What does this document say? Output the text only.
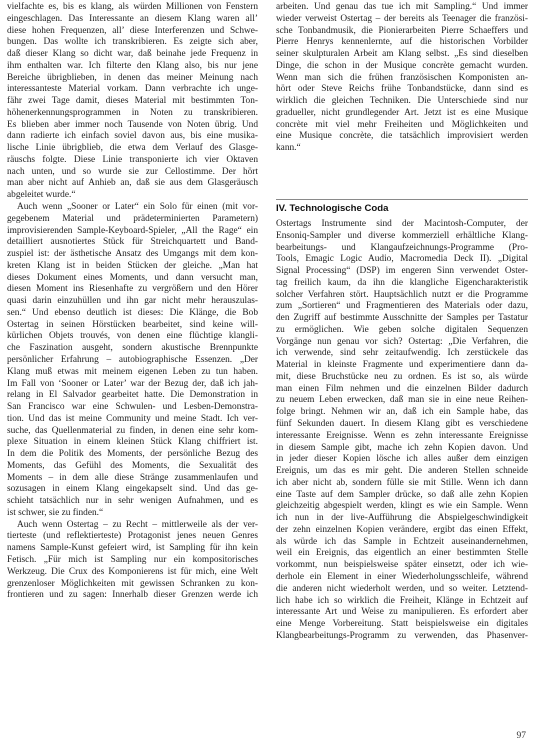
vielfachte es, bis es klang, als würden Millionen von Fenstern
eingeschlagen. Das Interessante an diesem Klang waren all’
diese hohen Frequenzen, all’ diese Interferenzen und Schwe-
bungen. Das wollte ich transkribieren. Es zeigte sich aber,
daß dieser Klang so dicht war, daß beinahe jede Frequenz in
ihm enthalten war. Ich filterte den Klang also, bis nur jene
Bereiche übrigblieben, in denen das meiner Meinung nach
interessanteste Material vorkam. Dann verbrachte ich unge-
fähr zwei Tage damit, dieses Material mit bestimmten Ton-
höhenerkennungsprogrammen in Noten zu transkribieren.
Es blieben aber immer noch Tausende von Noten übrig. Und
dann radierte ich einfach soviel davon aus, bis eine musika-
lische Linie übrigblieb, die etwa dem Verlauf des Glasge-
räuschs folgte. Diese Linie transponierte ich vier Oktaven
nach unten, und so wurde sie zur Cellostimme. Der hört
man aber nicht auf Anhieb an, daß sie aus dem Glasgeräusch
abgeleitet wurde.“
Auch wenn „Sooner or Later“ ein Solo für einen (mit vor-
gegebenem Material und prädeterminierten Parametern)
improvisierenden Sample-Keyboard-Spieler, „All the Rage“ ein
detailliert ausnotiertes Stück für Streichquartett und Band-
zuspiel ist: der ästhetische Ansatz des Umgangs mit dem kon-
kreten Klang ist in beiden Stücken der gleiche. „Man hat
dieses Dokument eines Moments, und dann versucht man,
diesen Moment ins Riesenhafte zu vergrößern und den Hörer
quasi darin einzuhüllen und ihn gar nicht mehr herauszulas-
sen.“ Und ebenso deutlich ist dieses: Die Klänge, die Bob
Ostertag in seinen Hörstücken bearbeitet, sind keine will-
kürlichen Objets trouvés, von denen eine flüchtige klangli-
che Faszination ausgeht, sondern akustische Brennpunkte
persönlicher Erfahrung – autobiographische Essenzen. „Der
Klang muß etwas mit meinem eigenen Leben zu tun haben.
Im Fall von ‘Sooner or Later’ war der Bezug der, daß ich jah-
relang in El Salvador gearbeitet hatte. Die Demonstration in
San Francisco war eine Schwulen- und Lesben-Demonstra-
tion. Und das ist meine Community und meine Stadt. Ich ver-
suche, das Quellenmaterial zu finden, in denen eine sehr kom-
plexe Situation in einem kleinen Stück Klang chiffriert ist.
In dem die Politik des Moments, der persönliche Bezug des
Moments, das Gefühl des Moments, die Sexualität des
Moments – in dem alle diese Stränge zusammenlaufen und
sozusagen in einem Klang eingekapselt sind. Und das ge-
schieht tatsächlich nur in sehr wenigen Aufnahmen, und es
ist schwer, sie zu finden.“
Auch wenn Ostertag – zu Recht – mittlerweile als der ver-
tierteste (und reflektierteste) Protagonist jenes neuen Genres
namens Sample-Kunst gefeiert wird, ist Sampling für ihn kein
Fetisch. „Für mich ist Sampling nur ein kompositorisches
Werkzeug. Die Crux des Komponierens ist für mich, eine Welt
grenzenloser Möglichkeiten mit gewissen Schranken zu kon-
frontieren und zu sagen: Innerhalb dieser Grenzen werde ich
arbeiten. Und genau das tue ich mit Sampling.“ Und immer
wieder verweist Ostertag – der bereits als Teenager die französi-
sche Tonbandmusik, die Pionierarbeiten Pierre Schaeffers und
Pierre Henrys kennenlernte, auf die historischen Vorbilder
seiner skulpturalen Arbeit am Klang selbst. „Es sind dieselben
Dinge, die schon in der Musique concrète gemacht wurden.
Wenn man sich die frühen französischen Komponisten an-
hört oder Steve Reichs frühe Tonbandstücke, dann sind es
wirklich die gleichen Techniken. Die Unterschiede sind nur
gradueller, nicht grundlegender Art. Jetzt ist es eine Musique
concrète mit viel mehr Freiheiten und Möglichkeiten und
eine Musique concrète, die tatsächlich improvisiert werden
kann.“
IV. Technologische Coda
Ostertags Instrumente sind der Macintosh-Computer, der
Ensoniq-Sampler und diverse kommerziell erhältliche Klang-
bearbeitungs- und Klangaufzeichnungs-Programme (Pro-
Tools, Emagic Logic Audio, Macromedia Deck II). „Digital
Signal Processing“ (DSP) im engeren Sinn verwendet Oster-
tag freilich kaum, da ihn die klangliche Eigencharakteristik
solcher Verfahren stört. Hauptsächlich nutzt er die Programme
zum „Sortieren“ und Fragmentieren des Materials oder dazu,
den Zugriff auf bestimmte Ausschnitte der Samples per Tastatur
zu ermöglichen. Wie geben solche digitalen Sequenzen
Vorgänge nun genau vor sich? Ostertag: „Die Verfahren, die
ich verwende, sind sehr zeitaufwendig. Ich zerstückele das
Material in kleinste Fragmente und experimentiere dann da-
mit, diese Bruchstücke neu zu ordnen. Es ist so, als würde
man einen Film nehmen und die einzelnen Bilder dadurch
zu neuem Leben erwecken, daß man sie in eine neue Reihen-
folge bringt. Nehmen wir an, daß ich ein Sample habe, das
fünf Sekunden dauert. In diesem Klang gibt es verschiedene
interessante Ereignisse. Wenn es zehn interessante Ereignisse
in diesem Sample gibt, mache ich zehn Kopien davon. Und
in jeder dieser Kopien lösche ich alles außer dem einzigen
Ereignis, um das es mir geht. Die anderen Stellen schneide
ich aber nicht ab, sondern fülle sie mit Stille. Wenn ich dann
eine Taste auf dem Sampler drücke, so daß alle zehn Kopien
gleichzeitig abgespielt werden, klingt es wie ein Sample. Wenn
ich nun in der live-Aufführung die Abspielgeschwindigkeit
der zehn einzelnen Kopien verändere, ergibt das einen Effekt,
als würde ich das Sample in Echtzeit auseinandernehmen,
weil ein Ereignis, das eigentlich an einer bestimmten Stelle
vorkommt, nun beispielsweise später einsetzt, oder ich wie-
derhole ein Element in einer Wiederholungsschleife, während
die anderen nicht wiederholt werden, und so weiter. Letztend-
lich habe ich so wirklich die Freiheit, Klänge in Echtzeit auf
interessante Art und Weise zu manipulieren. Es erfordert aber
eine Menge Vorbereitung. Statt beispielsweise ein digitales
Klangbearbeitungs-Programm zu verwenden, das Phasenver-
97
